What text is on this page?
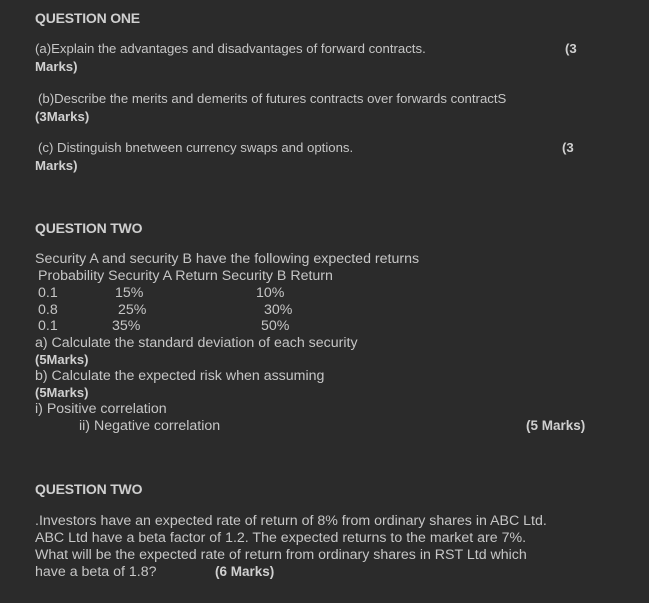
QUESTION ONE
(a)Explain the advantages and disadvantages of forward contracts.	(3
Marks)
(b)Describe the merits and demerits of futures contracts over forwards contractS
(3Marks)
(c) Distinguish bnetween currency swaps and options.	(3
Marks)
QUESTION TWO
Security A and security B have the following expected returns
Probability Security A Return Security B Return
0.1	15%	10%
0.8	25%	30%
0.1	35%	50%
a) Calculate the standard deviation of each security
(5Marks)
b) Calculate the expected risk when assuming
(5Marks)
i) Positive correlation
ii) Negative correlation	(5 Marks)
QUESTION TWO
.Investors have an expected rate of return of 8% from ordinary shares in ABC Ltd.
ABC Ltd have a beta factor of 1.2. The expected returns to the market are 7%.
What will be the expected rate of return from ordinary shares in RST Ltd which
have a beta of 1.8?	(6 Marks)
